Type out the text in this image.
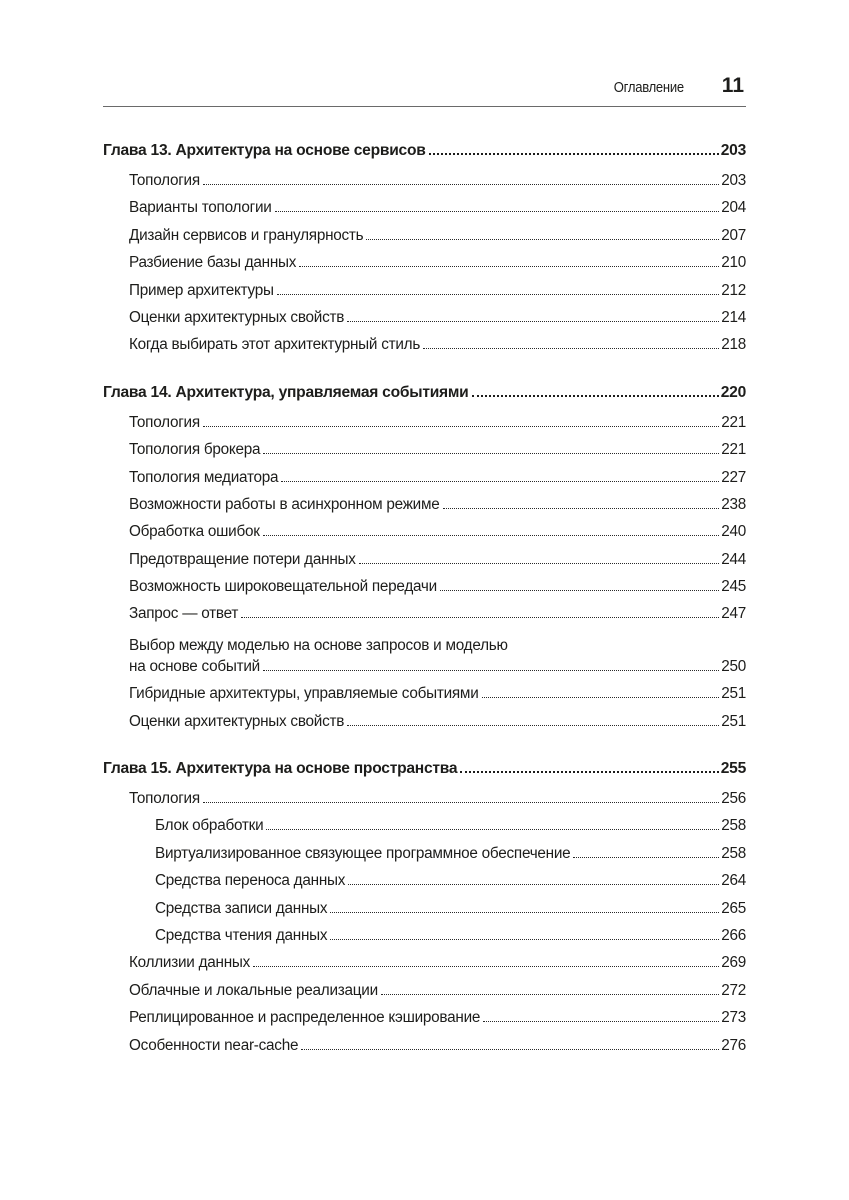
Оглавление 11
Глава 13. Архитектура на основе сервисов	203
Топология	203
Варианты топологии	204
Дизайн сервисов и гранулярность	207
Разбиение базы данных	210
Пример архитектуры	212
Оценки архитектурных свойств	214
Когда выбирать этот архитектурный стиль	218
Глава 14. Архитектура, управляемая событиями	220
Топология	221
Топология брокера	221
Топология медиатора	227
Возможности работы в асинхронном режиме	238
Обработка ошибок	240
Предотвращение потери данных	244
Возможность широковещательной передачи	245
Запрос — ответ	247
Выбор между моделью на основе запросов и моделью
на основе событий	250
Гибридные архитектуры, управляемые событиями	251
Оценки архитектурных свойств	251
Глава 15. Архитектура на основе пространства	255
Топология	256
Блок обработки	258
Виртуализированное связующее программное обеспечение	258
Средства переноса данных	264
Средства записи данных	265
Средства чтения данных	266
Коллизии данных	269
Облачные и локальные реализации	272
Реплицированное и распределенное кэширование	273
Особенности near-cache	276
